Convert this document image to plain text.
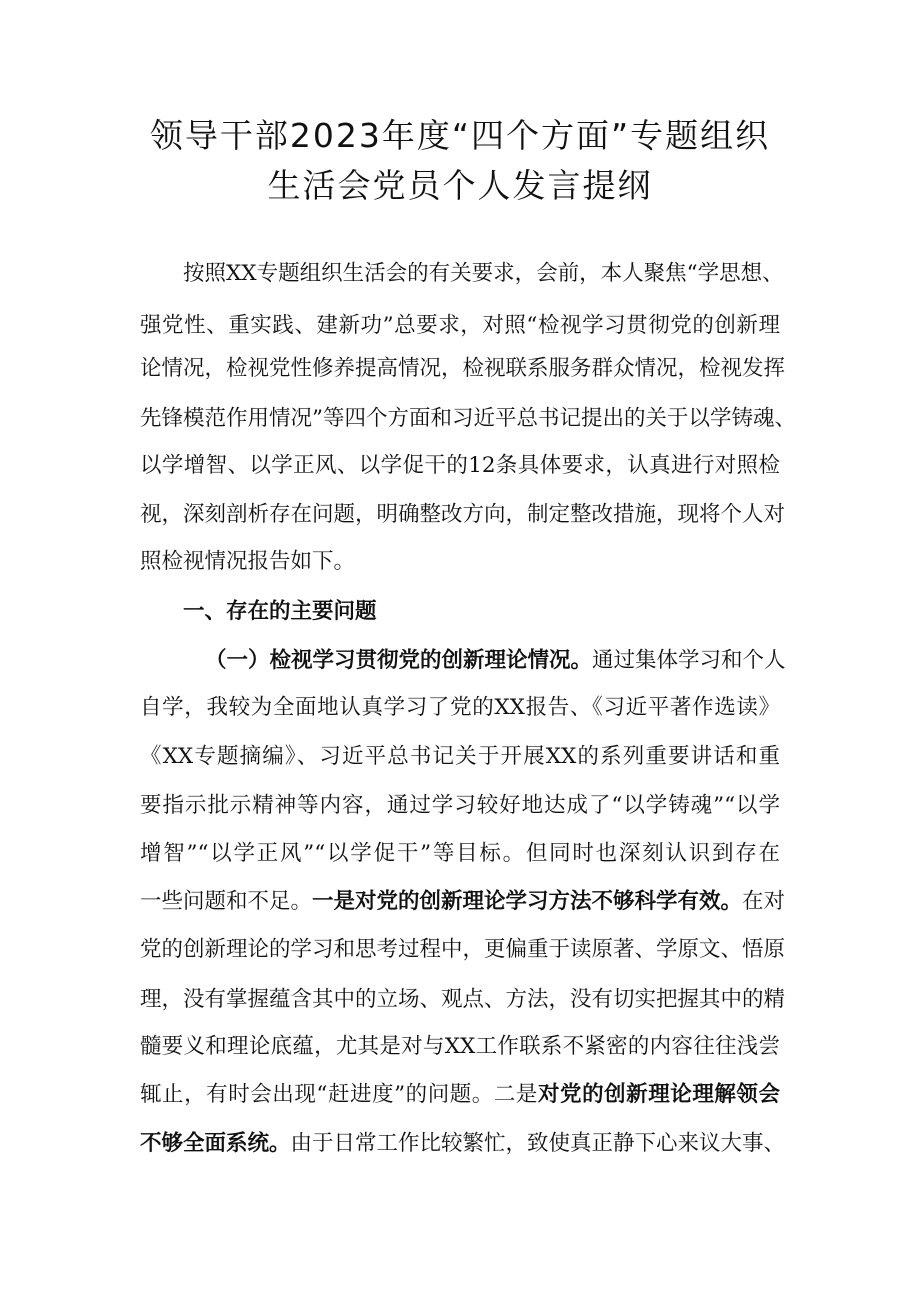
领导干部2023年度“四个方面”专题组织
生活会党员个人发言提纲
按照XX专题组织生活会的有关要求，会前，本人聚焦“学思想、
强党性、重实践、建新功”总要求，对照“检视学习贯彻党的创新理
论情况，检视党性修养提高情况，检视联系服务群众情况，检视发挥
先锋模范作用情况”等四个方面和习近平总书记提出的关于以学铸魂、
以学增智、以学正风、以学促干的12条具体要求，认真进行对照检
视，深刻剖析存在问题，明确整改方向，制定整改措施，现将个人对
照检视情况报告如下。
一、存在的主要问题
（一）检视学习贯彻党的创新理论情况。通过集体学习和个人
自学，我较为全面地认真学习了党的XX报告、《习近平著作选读》
《XX专题摘编》、习近平总书记关于开展XX的系列重要讲话和重
要指示批示精神等内容，通过学习较好地达成了“以学铸魂”“以学
增智”“以学正风”“以学促干”等目标。但同时也深刻认识到存在
一些问题和不足。一是对党的创新理论学习方法不够科学有效。在对
党的创新理论的学习和思考过程中，更偏重于读原著、学原文、悟原
理，没有掌握蕴含其中的立场、观点、方法，没有切实把握其中的精
髓要义和理论底蕴，尤其是对与XX工作联系不紧密的内容往往浅尝
辄止，有时会出现“赶进度”的问题。二是对党的创新理论理解领会
不够全面系统。由于日常工作比较繁忙，致使真正静下心来议大事、
